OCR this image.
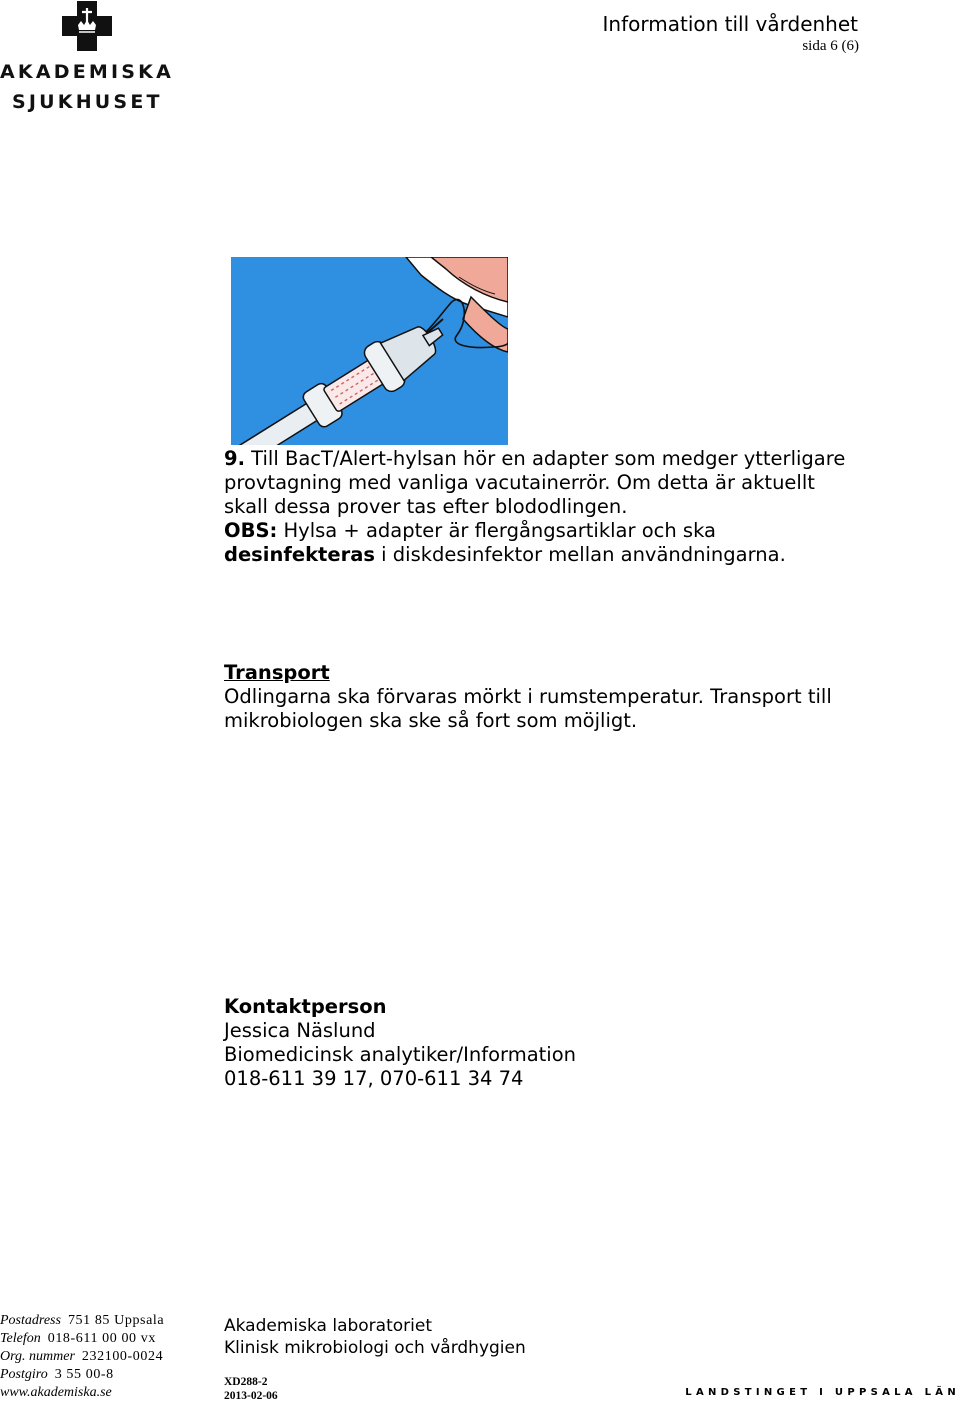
AKADEMISKA
SJUKHUSET
Information till vårdenhet
sida 6 (6)
9. Till BacT/Alert-hylsan hör en adapter som medger ytterligare
provtagning med vanliga vacutainerrör. Om detta är aktuellt
skall dessa prover tas efter blododlingen.
OBS: Hylsa + adapter är flergångsartiklar och ska
desinfekteras i diskdesinfektor mellan användningarna.
Transport
Odlingarna ska förvaras mörkt i rumstemperatur. Transport till
mikrobiologen ska ske så fort som möjligt.
Kontaktperson
Jessica Näslund
Biomedicinsk analytiker/Information
018-611 39 17, 070-611 34 74
Postadress 751 85 Uppsala
Telefon 018-611 00 00 vx
Org. nummer 232100-0024
Postgiro 3 55 00-8
www.akademiska.se
Akademiska laboratoriet
Klinisk mikrobiologi och vårdhygien
XD288-2
2013-02-06	LANDSTINGET I UPPSALA LÄN
